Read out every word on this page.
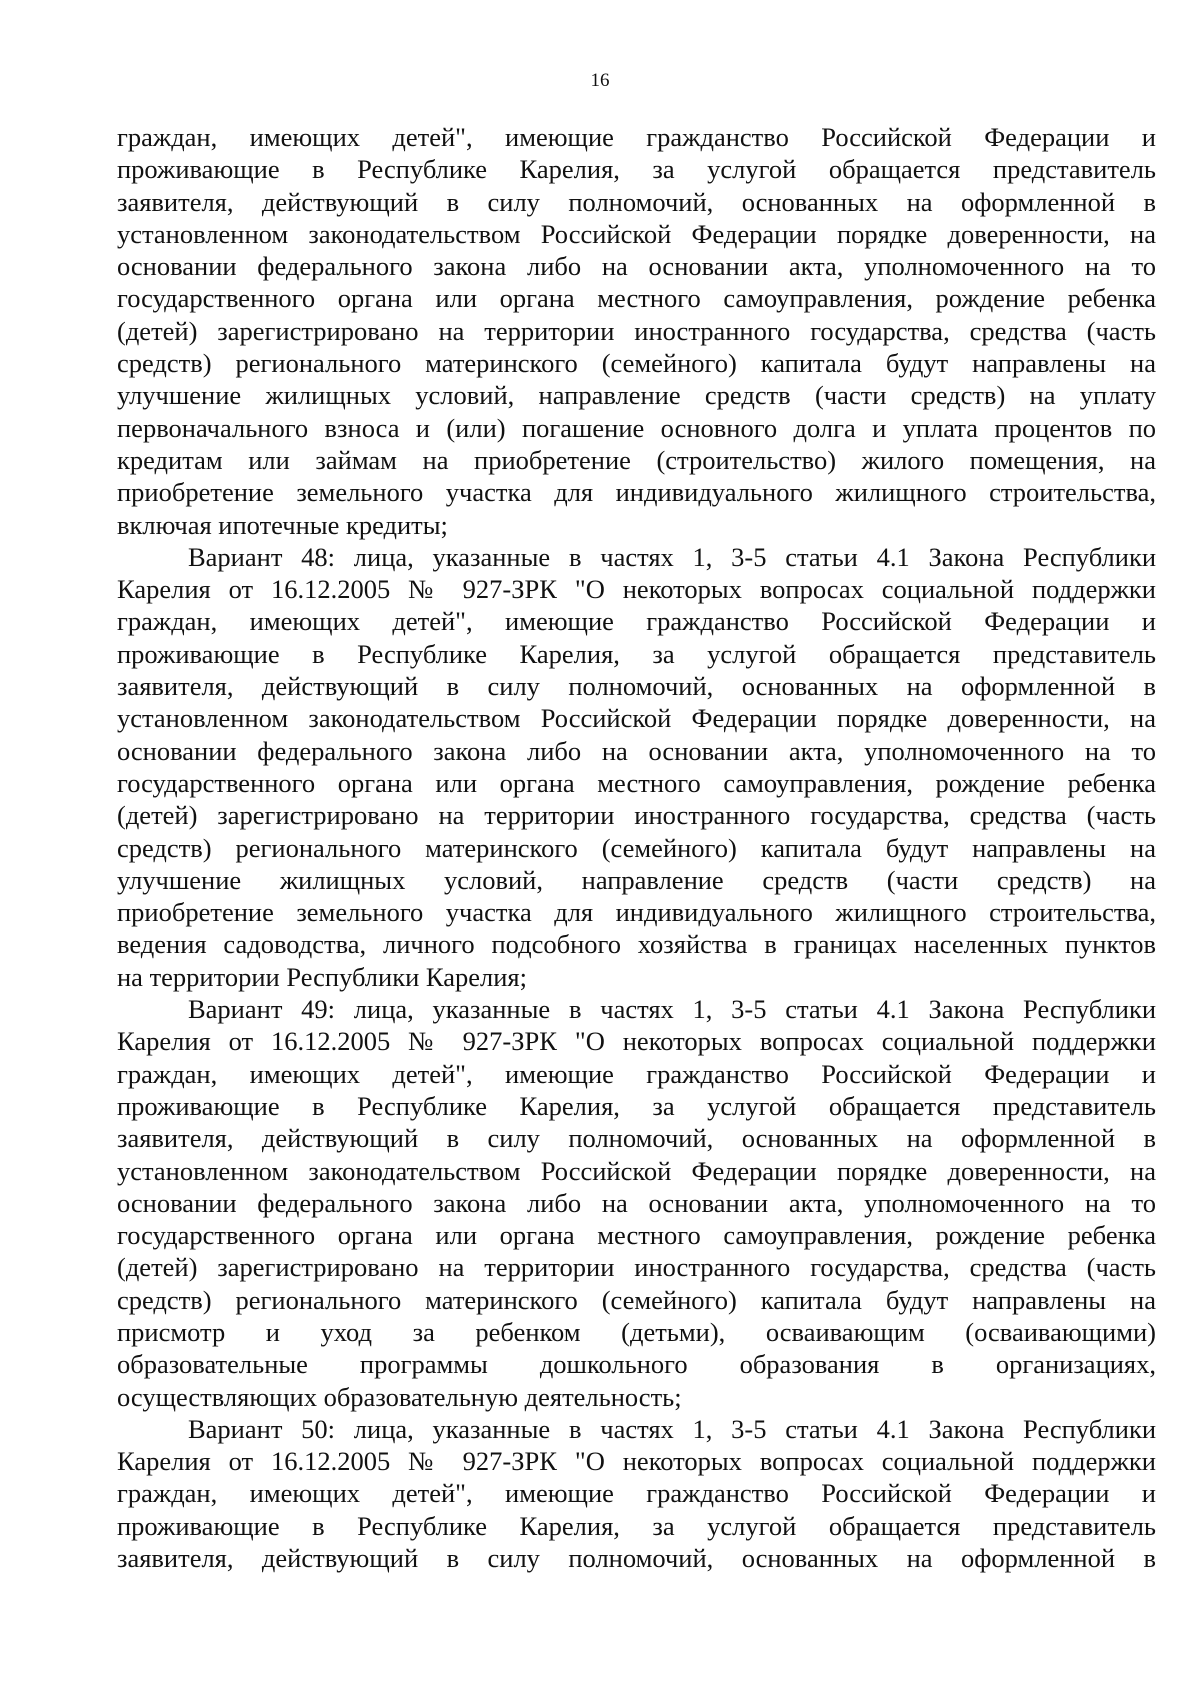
16
граждан, имеющих детей", имеющие гражданство Российской Федерации и
проживающие в Республике Карелия, за услугой обращается представитель
заявителя, действующий в силу полномочий, основанных на оформленной в
установленном законодательством Российской Федерации порядке доверенности, на
основании федерального закона либо на основании акта, уполномоченного на то
государственного органа или органа местного самоуправления, рождение ребенка
(детей) зарегистрировано на территории иностранного государства, средства (часть
средств) регионального материнского (семейного) капитала будут направлены на
улучшение жилищных условий, направление средств (части средств) на уплату
первоначального взноса и (или) погашение основного долга и уплата процентов по
кредитам или займам на приобретение (строительство) жилого помещения, на
приобретение земельного участка для индивидуального жилищного строительства,
включая ипотечные кредиты;
Вариант 48: лица, указанные в частях 1, 3-5 статьи 4.1 Закона Республики
Карелия от 16.12.2005 № 927-ЗРК "О некоторых вопросах социальной поддержки
граждан, имеющих детей", имеющие гражданство Российской Федерации и
проживающие в Республике Карелия, за услугой обращается представитель
заявителя, действующий в силу полномочий, основанных на оформленной в
установленном законодательством Российской Федерации порядке доверенности, на
основании федерального закона либо на основании акта, уполномоченного на то
государственного органа или органа местного самоуправления, рождение ребенка
(детей) зарегистрировано на территории иностранного государства, средства (часть
средств) регионального материнского (семейного) капитала будут направлены на
улучшение жилищных условий, направление средств (части средств) на
приобретение земельного участка для индивидуального жилищного строительства,
ведения садоводства, личного подсобного хозяйства в границах населенных пунктов
на территории Республики Карелия;
Вариант 49: лица, указанные в частях 1, 3-5 статьи 4.1 Закона Республики
Карелия от 16.12.2005 № 927-ЗРК "О некоторых вопросах социальной поддержки
граждан, имеющих детей", имеющие гражданство Российской Федерации и
проживающие в Республике Карелия, за услугой обращается представитель
заявителя, действующий в силу полномочий, основанных на оформленной в
установленном законодательством Российской Федерации порядке доверенности, на
основании федерального закона либо на основании акта, уполномоченного на то
государственного органа или органа местного самоуправления, рождение ребенка
(детей) зарегистрировано на территории иностранного государства, средства (часть
средств) регионального материнского (семейного) капитала будут направлены на
присмотр и уход за ребенком (детьми), осваивающим (осваивающими)
образовательные программы дошкольного образования в организациях,
осуществляющих образовательную деятельность;
Вариант 50: лица, указанные в частях 1, 3-5 статьи 4.1 Закона Республики
Карелия от 16.12.2005 № 927-ЗРК "О некоторых вопросах социальной поддержки
граждан, имеющих детей", имеющие гражданство Российской Федерации и
проживающие в Республике Карелия, за услугой обращается представитель
заявителя, действующий в силу полномочий, основанных на оформленной в
